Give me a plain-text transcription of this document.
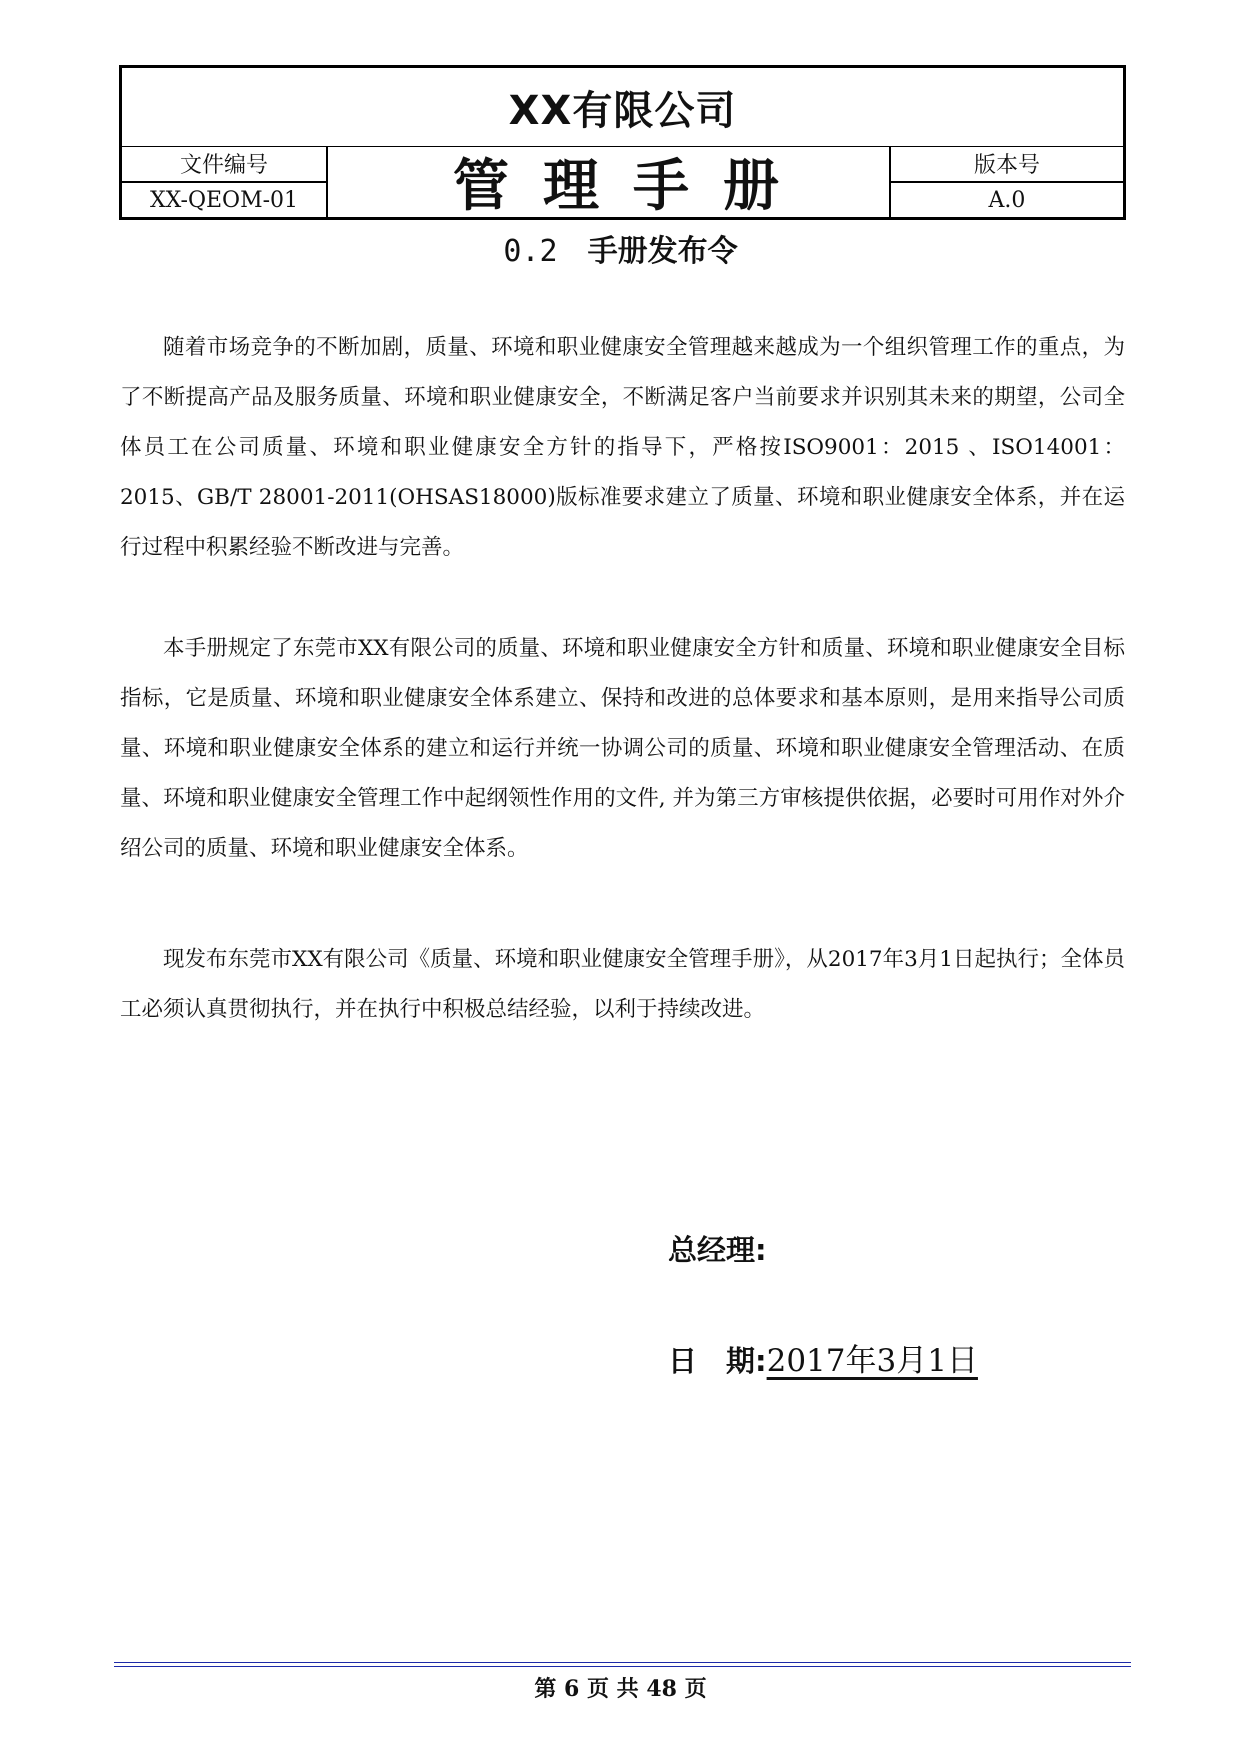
XX有限公司
文件编号
XX-QEOM-01	管理手册	版本号
A.0
0.2 手册发布令

随着市场竞争的不断加剧，质量、环境和职业健康安全管理越来越成为一个组织管理工作的重点，为了不断提高产品及服务质量、环境和职业健康安全，不断满足客户当前要求并识别其未来的期望，公司全体员工在公司质量、环境和职业健康安全方针的指导下，严格按ISO9001：2015 、ISO14001：2015、GB/T 28001-2011(OHSAS18000)版标准要求建立了质量、环境和职业健康安全体系，并在运行过程中积累经验不断改进与完善。

本手册规定了东莞市XX有限公司的质量、环境和职业健康安全方针和质量、环境和职业健康安全目标指标，它是质量、环境和职业健康安全体系建立、保持和改进的总体要求和基本原则，是用来指导公司质量、环境和职业健康安全体系的建立和运行并统一协调公司的质量、环境和职业健康安全管理活动、在质量、环境和职业健康安全管理工作中起纲领性作用的文件, 并为第三方审核提供依据，必要时可用作对外介绍公司的质量、环境和职业健康安全体系。

现发布东莞市XX有限公司《质量、环境和职业健康安全管理手册》，从2017年3月1日起执行；全体员工必须认真贯彻执行，并在执行中积极总结经验，以利于持续改进。

总经理:
日　期:2017年3月1日
第 6 页 共 48 页
